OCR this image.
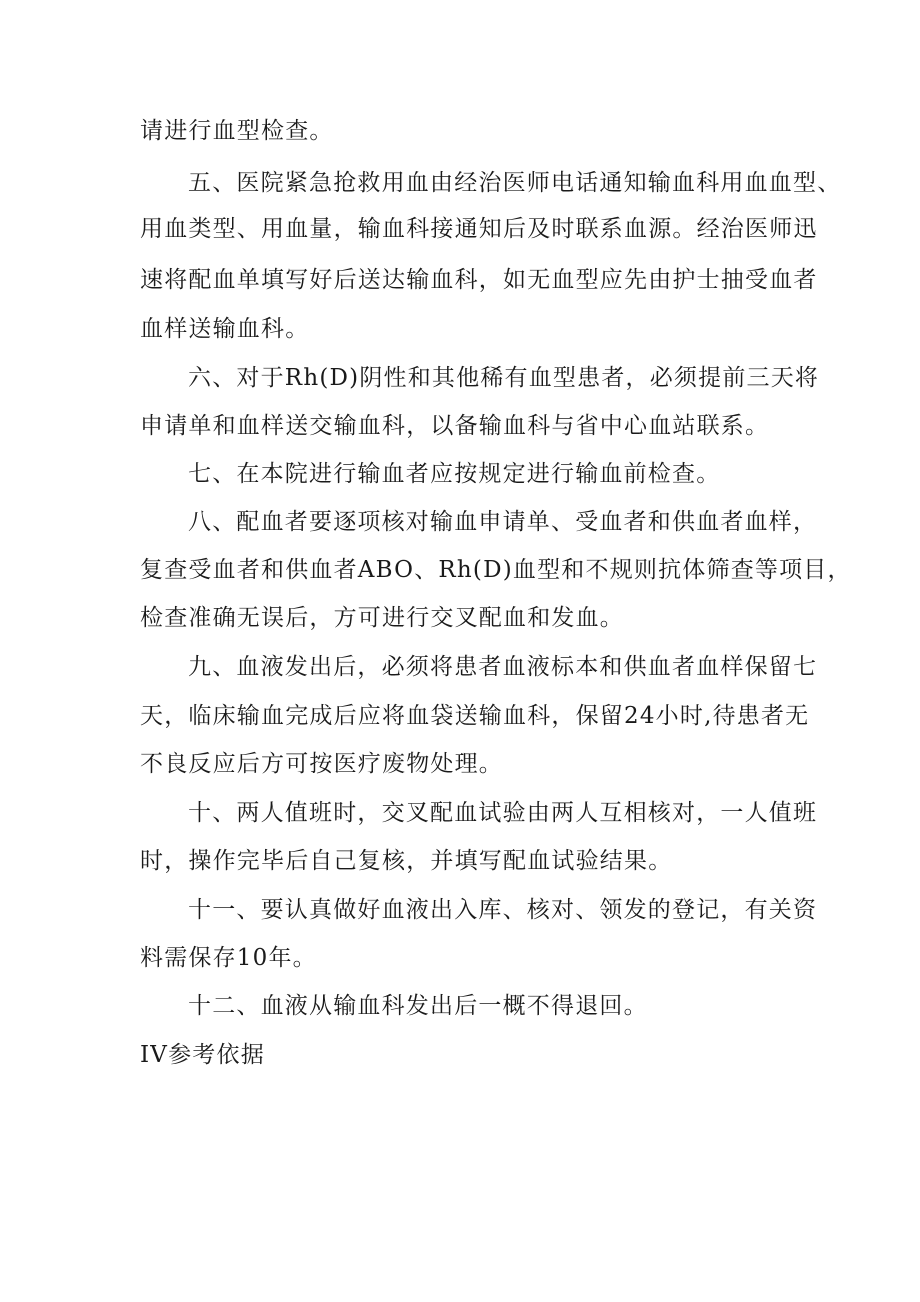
请进行血型检查。
五、医院紧急抢救用血由经治医师电话通知输血科用血血型、
用血类型、用血量，输血科接通知后及时联系血源。经治医师迅
速将配血单填写好后送达输血科，如无血型应先由护士抽受血者
血样送输血科。
六、对于Rh(D)阴性和其他稀有血型患者，必须提前三天将
申请单和血样送交输血科，以备输血科与省中心血站联系。
七、在本院进行输血者应按规定进行输血前检查。
八、配血者要逐项核对输血申请单、受血者和供血者血样，
复查受血者和供血者ABO、Rh(D)血型和不规则抗体筛查等项目，
检查准确无误后，方可进行交叉配血和发血。
九、血液发出后，必须将患者血液标本和供血者血样保留七
天，临床输血完成后应将血袋送输血科，保留24小时,待患者无
不良反应后方可按医疗废物处理。
十、两人值班时，交叉配血试验由两人互相核对，一人值班
时，操作完毕后自己复核，并填写配血试验结果。
十一、要认真做好血液出入库、核对、领发的登记，有关资
料需保存10年。
十二、血液从输血科发出后一概不得退回。
IV参考依据
